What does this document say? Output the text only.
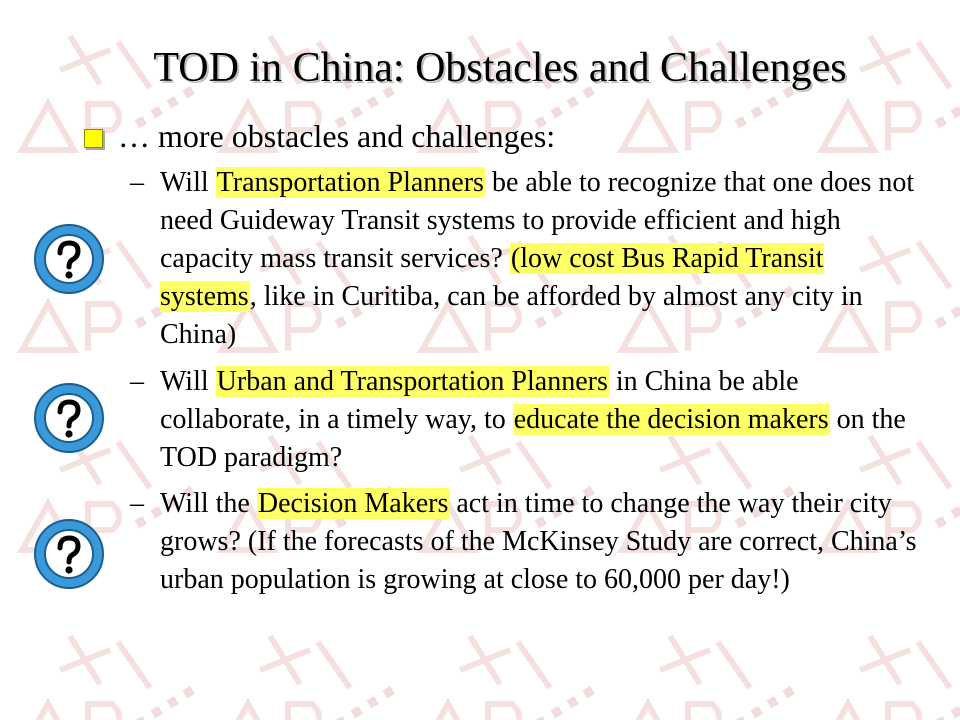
TOD in China: Obstacles and Challenges
… more obstacles and challenges:
– Will Transportation Planners be able to recognize that one does not need Guideway Transit systems to provide efficient and high capacity mass transit services? (low cost Bus Rapid Transit systems, like in Curitiba, can be afforded by almost any city in China)
– Will Urban and Transportation Planners in China be able collaborate, in a timely way, to educate the decision makers on the TOD paradigm?
– Will the Decision Makers act in time to change the way their city grows? (If the forecasts of the McKinsey Study are correct, China’s urban population is growing at close to 60,000 per day!)
